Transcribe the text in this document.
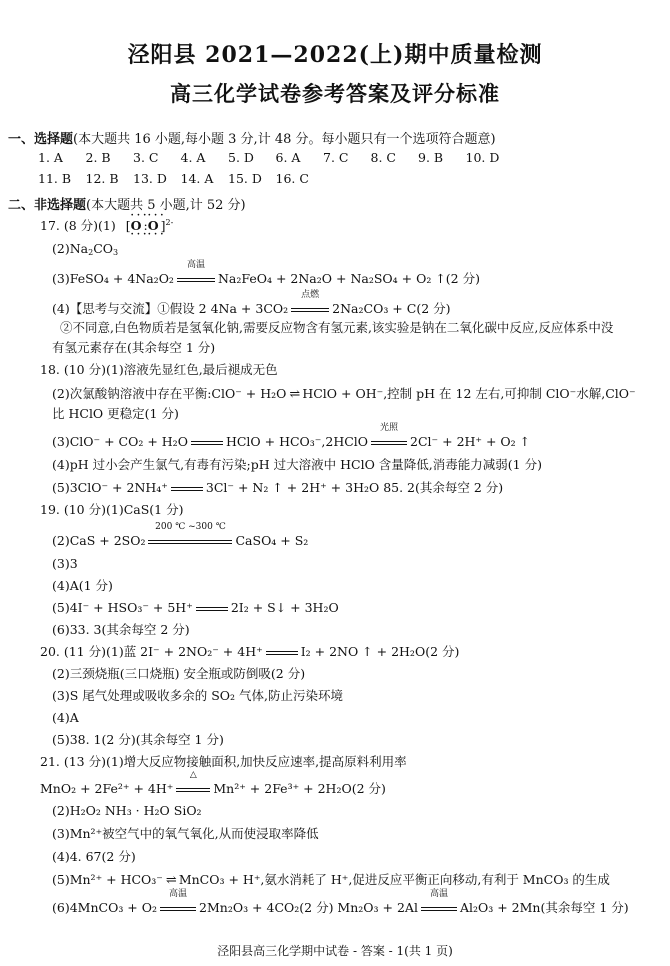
泾阳县 2021—2022(上)期中质量检测
高三化学试卷参考答案及评分标准
一、选择题(本大题共 16 小题,每小题 3 分,计 48 分。每小题只有一个选项符合题意)
1. A	2. B	3. C	4. A	5. D	6. A	7. C	8. C	9. B	10. D
11. B	12. B	13. D	14. A	15. D	16. C
二、非选择题(本大题共 5 小题,计 52 分)
17. (8 分)(1) [· · · O · · ·:· · · O · · ·]$^{2-}$
$(2)Na_2CO_3$
(3)FeSO₄ + 4Na₂O₂
高温
Na₂FeO₄ + 2Na₂O + Na₂SO₄ + O₂ ↑(2 分)
(4)【思考与交流】①假设 2 4Na + 3CO₂
点燃
2Na₂CO₃ + C(2 分)
②不同意,白色物质若是氢氧化钠,需要反应物含有氢元素,该实验是钠在二氧化碳中反应,反应体系中没
有氢元素存在(其余每空 1 分)
18. (10 分)(1)溶液先显红色,最后褪成无色
(2)次氯酸钠溶液中存在平衡:ClO⁻ + H₂O ⇌ HClO + OH⁻,控制 pH 在 12 左右,可抑制 ClO⁻水解,ClO⁻
比 HClO 更稳定(1 分)
(3)ClO⁻ + CO₂ + H₂O	HClO + HCO₃⁻,2HClO
光照
2Cl⁻ + 2H⁺ + O₂ ↑
(4)pH 过小会产生氯气,有毒有污染;pH 过大溶液中 HClO 含量降低,消毒能力减弱(1 分)
(5)3ClO⁻ + 2NH₄⁺	3Cl⁻ + N₂ ↑ + 2H⁺ + 3H₂O 85. 2(其余每空 2 分)
19. (10 分)(1)CaS(1 分)
(2)CaS + 2SO₂
200 ℃ ~300 ℃
CaSO₄ + S₂
(3)3
(4)A(1 分)
(5)4I⁻ + HSO₃⁻ + 5H⁺	2I₂ + S↓ + 3H₂O
(6)33. 3(其余每空 2 分)
20. (11 分)(1)蓝 2I⁻ + 2NO₂⁻ + 4H⁺	I₂ + 2NO ↑ + 2H₂O(2 分)
(2)三颈烧瓶(三口烧瓶) 安全瓶或防倒吸(2 分)
(3)S 尾气处理或吸收多余的 SO₂ 气体,防止污染环境
(4)A
(5)38. 1(2 分)(其余每空 1 分)
21. (13 分)(1)增大反应物接触面积,加快反应速率,提高原料利用率
MnO₂ + 2Fe²⁺ + 4H⁺
△
Mn²⁺ + 2Fe³⁺ + 2H₂O(2 分)
(2)H₂O₂ NH₃ · H₂O SiO₂
(3)Mn²⁺被空气中的氧气氧化,从而使浸取率降低
(4)4. 67(2 分)
(5)Mn²⁺ + HCO₃⁻ ⇌ MnCO₃ + H⁺,氨水消耗了 H⁺,促进反应平衡正向移动,有利于 MnCO₃ 的生成
(6)4MnCO₃ + O₂
高温
2Mn₂O₃ + 4CO₂(2 分) Mn₂O₃ + 2Al
高温
Al₂O₃ + 2Mn(其余每空 1 分)
泾阳县高三化学期中试卷 - 答案 - 1(共 1 页)
